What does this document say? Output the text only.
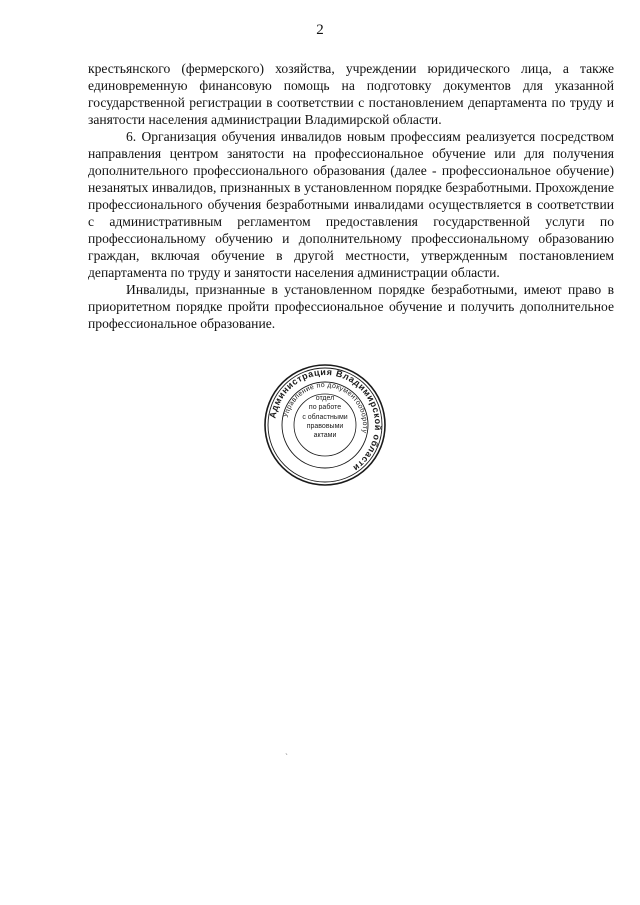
2

крестьянского (фермерского) хозяйства, учреждении юридического лица, а также единовременную финансовую помощь на подготовку документов для указанной государственной регистрации в соответствии с постановлением департамента по труду и занятости населения администрации Владимирской области.

6. Организация обучения инвалидов новым профессиям реализуется посредством направления центром занятости на профессиональное обучение или для получения дополнительного профессионального образования (далее - профессиональное обучение) незанятых инвалидов, признанных в установленном порядке безработными. Прохождение профессионального обучения безработными инвалидами осуществляется в соответствии с административным регламентом предоставления государственной услуги по профессиональному обучению и дополнительному профессиональному образованию граждан, включая обучение в другой местности, утвержденным постановлением департамента по труду и занятости населения администрации области.

Инвалиды, признанные в установленном порядке безработными, имеют право в приоритетном порядке пройти профессиональное обучение и получить дополнительное профессиональное образование.

Администрация Владимирской области
Управление по документообороту
отдел
по работе
с областными
правовыми
актами
`
